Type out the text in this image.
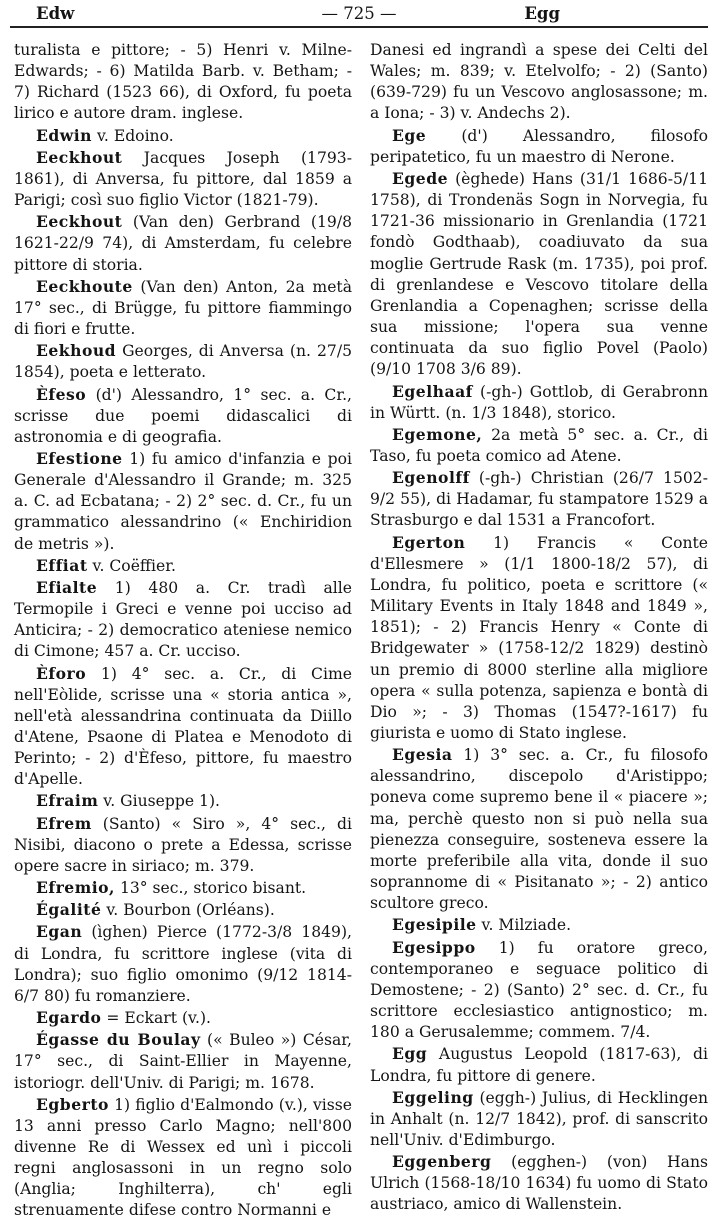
Edw	— 725 —	Egg

turalista e pittore; - 5) Henri v. Milne-Edwards; - 6) Matilda Barb. v. Betham; - 7) Richard (1523 66), di Oxford, fu poeta lirico e autore dram. inglese.

Edwin v. Edoino.

Eeckhout Jacques Joseph (1793-1861), di Anversa, fu pittore, dal 1859 a Parigi; così suo figlio Victor (1821-79).

Eeckhout (Van den) Gerbrand (19/8 1621-22/9 74), di Amsterdam, fu celebre pittore di storia.

Eeckhoute (Van den) Anton, 2a metà 17° sec., di Brügge, fu pittore fiammingo di fiori e frutte.

Eekhoud Georges, di Anversa (n. 27/5 1854), poeta e letterato.

Èfeso (d') Alessandro, 1° sec. a. Cr., scrisse due poemi didascalici di astronomia e di geografia.

Efestione 1) fu amico d'infanzia e poi Generale d'Alessandro il Grande; m. 325 a. C. ad Ecbatana; - 2) 2° sec. d. Cr., fu un grammatico alessandrino (« Enchiridion de metris »).

Effiat v. Coëffier.

Efialte 1) 480 a. Cr. tradì alle Termopile i Greci e venne poi ucciso ad Anticira; - 2) democratico ateniese nemico di Cimone; 457 a. Cr. ucciso.

Èforo 1) 4° sec. a. Cr., di Cime nell'Eòlide, scrisse una « storia antica », nell'età alessandrina continuata da Diillo d'Atene, Psaone di Platea e Menodoto di Perinto; - 2) d'Èfeso, pittore, fu maestro d'Apelle.

Efraim v. Giuseppe 1).

Efrem (Santo) « Siro », 4° sec., di Nisibi, diacono o prete a Edessa, scrisse opere sacre in siriaco; m. 379.

Efremio, 13° sec., storico bisant.

Égalité v. Bourbon (Orléans).

Egan (ìghen) Pierce (1772-3/8 1849), di Londra, fu scrittore inglese (vita di Londra); suo figlio omonimo (9/12 1814-6/7 80) fu romanziere.

Egardo = Eckart (v.).

Égasse du Boulay (« Buleo ») César, 17° sec., di Saint-Ellier in Mayenne, istoriogr. dell'Univ. di Parigi; m. 1678.

Egberto 1) figlio d'Ealmondo (v.), visse 13 anni presso Carlo Magno; nell'800 divenne Re di Wessex ed unì i piccoli regni anglosassoni in un regno solo (Anglia; Inghilterra), ch' egli strenuamente difese contro Normanni e

Danesi ed ingrandì a spese dei Celti del Wales; m. 839; v. Etelvolfo; - 2) (Santo) (639-729) fu un Vescovo anglosassone; m. a Iona; - 3) v. Andechs 2).

Ege (d') Alessandro, filosofo peripatetico, fu un maestro di Nerone.

Egede (èghede) Hans (31/1 1686-5/11 1758), di Trondenäs Sogn in Norvegia, fu 1721-36 missionario in Grenlandia (1721 fondò Godthaab), coadiuvato da sua moglie Gertrude Rask (m. 1735), poi prof. di grenlandese e Vescovo titolare della Grenlandia a Copenaghen; scrisse della sua missione; l'opera sua venne continuata da suo figlio Povel (Paolo) (9/10 1708 3/6 89).

Egelhaaf (-gh-) Gottlob, di Gerabronn in Württ. (n. 1/3 1848), storico.

Egemone, 2a metà 5° sec. a. Cr., di Taso, fu poeta comico ad Atene.

Egenolff (-gh-) Christian (26/7 1502-9/2 55), di Hadamar, fu stampatore 1529 a Strasburgo e dal 1531 a Francofort.

Egerton 1) Francis « Conte d'Ellesmere » (1/1 1800-18/2 57), di Londra, fu politico, poeta e scrittore (« Military Events in Italy 1848 and 1849 », 1851); - 2) Francis Henry « Conte di Bridgewater » (1758-12/2 1829) destinò un premio di 8000 sterline alla migliore opera « sulla potenza, sapienza e bontà di Dio »; - 3) Thomas (1547?-1617) fu giurista e uomo di Stato inglese.

Egesia 1) 3° sec. a. Cr., fu filosofo alessandrino, discepolo d'Aristippo; poneva come supremo bene il « piacere »; ma, perchè questo non si può nella sua pienezza conseguire, sosteneva essere la morte preferibile alla vita, donde il suo soprannome di « Pisitanato »; - 2) antico scultore greco.

Egesipile v. Milziade.

Egesippo 1) fu oratore greco, contemporaneo e seguace politico di Demostene; - 2) (Santo) 2° sec. d. Cr., fu scrittore ecclesiastico antignostico; m. 180 a Gerusalemme; commem. 7/4.

Egg Augustus Leopold (1817-63), di Londra, fu pittore di genere.

Eggeling (eggh-) Julius, di Hecklingen in Anhalt (n. 12/7 1842), prof. di sanscrito nell'Univ. d'Edimburgo.

Eggenberg (egghen-) (von) Hans Ulrich (1568-18/10 1634) fu uomo di Stato austriaco, amico di Wallenstein.
